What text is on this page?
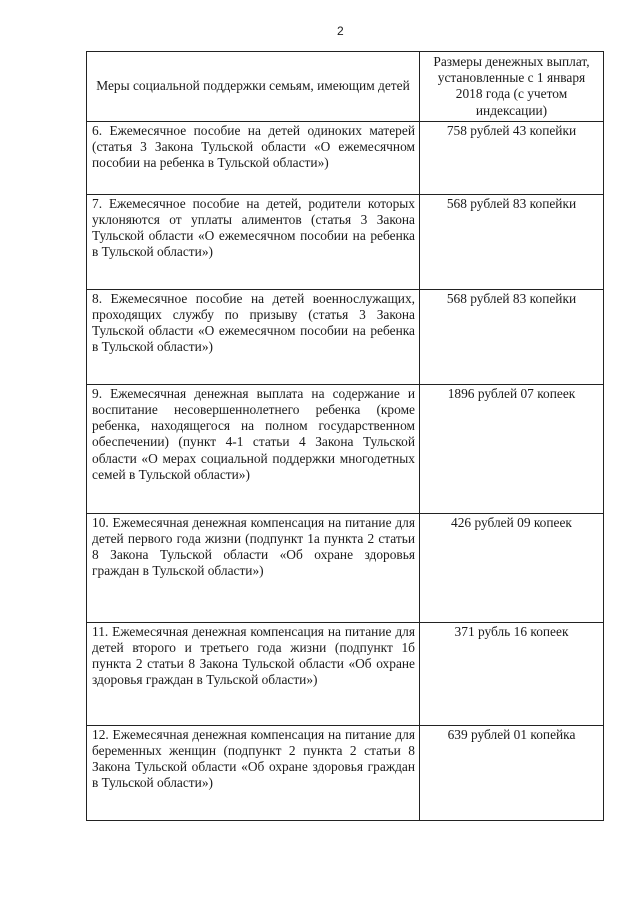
2
Меры социальной поддержки семьям, имеющим детей	Размеры денежных выплат, установленные с 1 января 2018 года (с учетом индексации)

6. Ежемесячное пособие на детей одиноких матерей (статья 3 Закона Тульской области «О ежемесячном пособии на ребенка в Тульской области»)	758 рублей 43 копейки

7. Ежемесячное пособие на детей, родители которых уклоняются от уплаты алиментов (статья 3 Закона Тульской области «О ежемесячном пособии на ребенка в Тульской области»)	568 рублей 83 копейки

8. Ежемесячное пособие на детей военнослужащих, проходящих службу по призыву (статья 3 Закона Тульской области «О ежемесячном пособии на ребенка в Тульской области»)	568 рублей 83 копейки

9. Ежемесячная денежная выплата на содержание и воспитание несовершеннолетнего ребенка (кроме ребенка, находящегося на полном государственном обеспечении) (пункт 4-1 статьи 4 Закона Тульской области «О мерах социальной поддержки многодетных семей в Тульской области»)	1896 рублей 07 копеек

10. Ежемесячная денежная компенсация на питание для детей первого года жизни (подпункт 1а пункта 2 статьи 8 Закона Тульской области «Об охране здоровья граждан в Тульской области»)	426 рублей 09 копеек

11. Ежемесячная денежная компенсация на питание для детей второго и третьего года жизни (подпункт 1б пункта 2 статьи 8 Закона Тульской области «Об охране здоровья граждан в Тульской области»)	371 рубль 16 копеек

12. Ежемесячная денежная компенсация на питание для беременных женщин (подпункт 2 пункта 2 статьи 8 Закона Тульской области «Об охране здоровья граждан в Тульской области»)	639 рублей 01 копейка
